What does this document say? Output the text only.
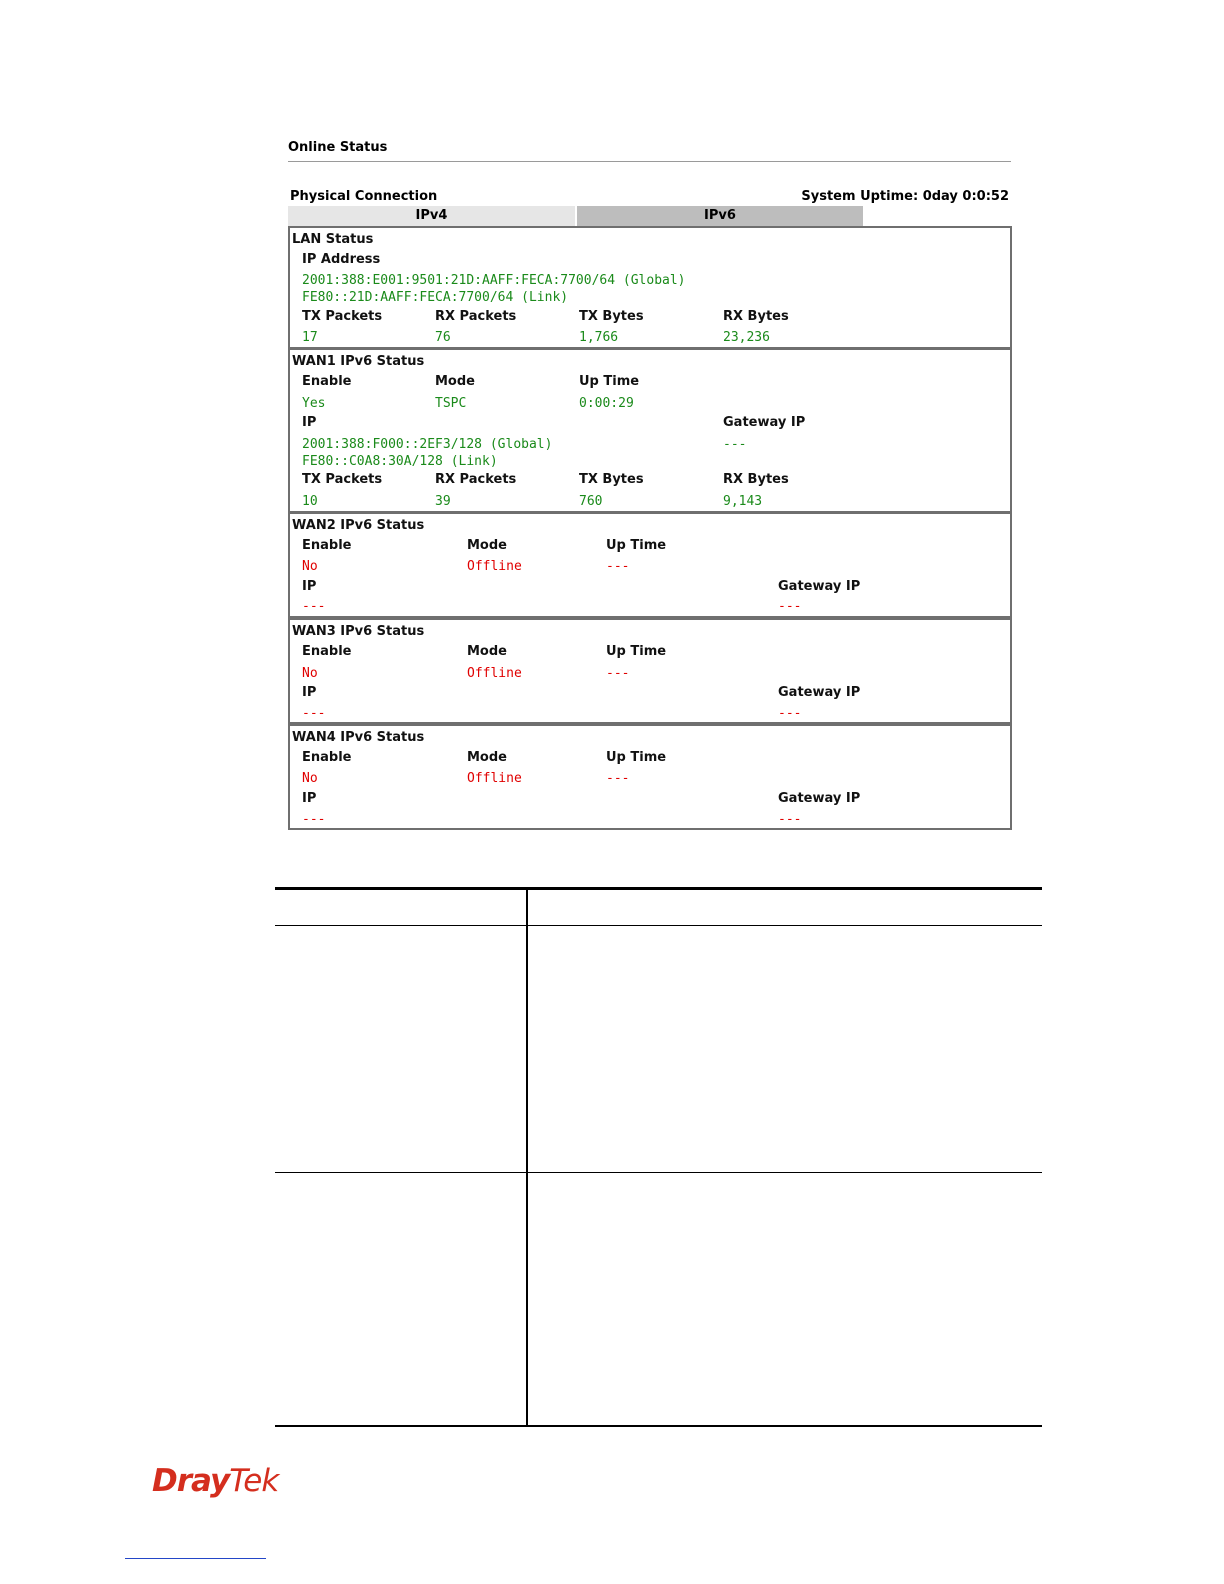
Online Status
Physical Connection	System Uptime: 0day 0:0:52
IPv4	IPv6
LAN Status
IP Address
2001:388:E001:9501:21D:AAFF:FECA:7700/64 (Global)
FE80::21D:AAFF:FECA:7700/64 (Link)
TX Packets	RX Packets	TX Bytes	RX Bytes
17	76	1,766	23,236
WAN1 IPv6 Status
Enable	Mode	Up Time
Yes	TSPC	0:00:29
IP	Gateway IP
2001:388:F000::2EF3/128 (Global)	---
FE80::C0A8:30A/128 (Link)
TX Packets	RX Packets	TX Bytes	RX Bytes
10	39	760	9,143
WAN2 IPv6 Status
Enable	Mode	Up Time
No	Offline	---
IP	Gateway IP
---	---
WAN3 IPv6 Status
Enable	Mode	Up Time
No	Offline	---
IP	Gateway IP
---	---
WAN4 IPv6 Status
Enable	Mode	Up Time
No	Offline	---
IP	Gateway IP
---	---
DrayTek
